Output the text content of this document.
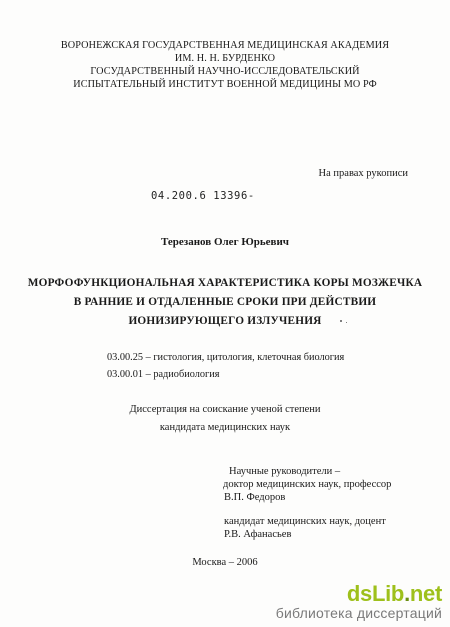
ВОРОНЕЖСКАЯ ГОСУДАРСТВЕННАЯ МЕДИЦИНСКАЯ АКАДЕМИЯ
ИМ. Н. Н. БУРДЕНКО
ГОСУДАРСТВЕННЫЙ НАУЧНО-ИССЛЕДОВАТЕЛЬСКИЙ
ИСПЫТАТЕЛЬНЫЙ ИНСТИТУТ ВОЕННОЙ МЕДИЦИНЫ МО РФ
На правах рукописи
04.200.6 13396-
Терезанов Олег Юрьевич
МОРФОФУНКЦИОНАЛЬНАЯ ХАРАКТЕРИСТИКА КОРЫ МОЗЖЕЧКА
В РАННИЕ И ОТДАЛЕННЫЕ СРОКИ ПРИ ДЕЙСТВИИ
ИОНИЗИРУЮЩЕГО ИЗЛУЧЕНИЯ
03.00.25 – гистология, цитология, клеточная биология
03.00.01 – радиобиология
Диссертация на соискание ученой степени
кандидата медицинских наук
Научные руководители –
доктор медицинских наук, профессор
В.П. Федоров
кандидат медицинских наук, доцент
Р.В. Афанасьев
Москва – 2006
dsLib.net
библиотека диссертаций
